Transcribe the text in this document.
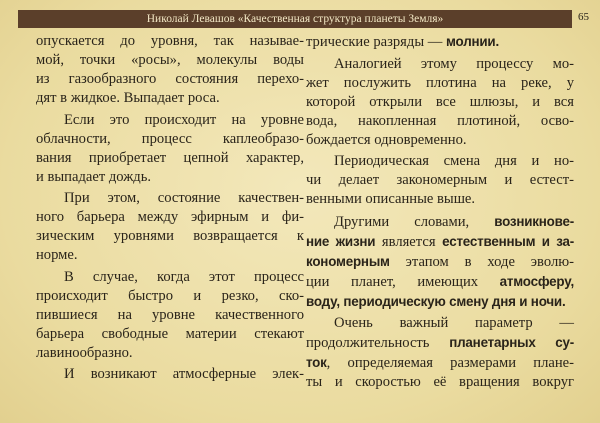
Николай Левашов «Качественная структура планеты Земля»	65

опускается до уровня, так называе-
мой, точки «росы», молекулы воды
из газообразного состояния перехо-
дят в жидкое. Выпадает роса.

Если это происходит на уровне
облачности, процесс каплеобразо-
вания приобретает цепной характер,
и выпадает дождь.

При этом, состояние качествен-
ного барьера между эфирным и фи-
зическим уровнями возвращается к
норме.

В случае, когда этот процесс
происходит быстро и резко, ско-
пившиеся на уровне качественного
барьера свободные материи стекают
лавинообразно.

И возникают атмосферные элек-

трические разряды — молнии.

Аналогией этому процессу мо-
жет послужить плотина на реке, у
которой открыли все шлюзы, и вся
вода, накопленная плотиной, осво-
бождается одновременно.

Периодическая смена дня и но-
чи делает закономерным и естест-
венными описанные выше.

Другими словами, возникнове-
ние жизни является естественным и за-
кономерным этапом в ходе эволю-
ции планет, имеющих атмосферу,
воду, периодическую смену дня и ночи.

Очень важный параметр —
продолжительность планетарных су-
ток, определяемая размерами плане-
ты и скоростью её вращения вокруг
